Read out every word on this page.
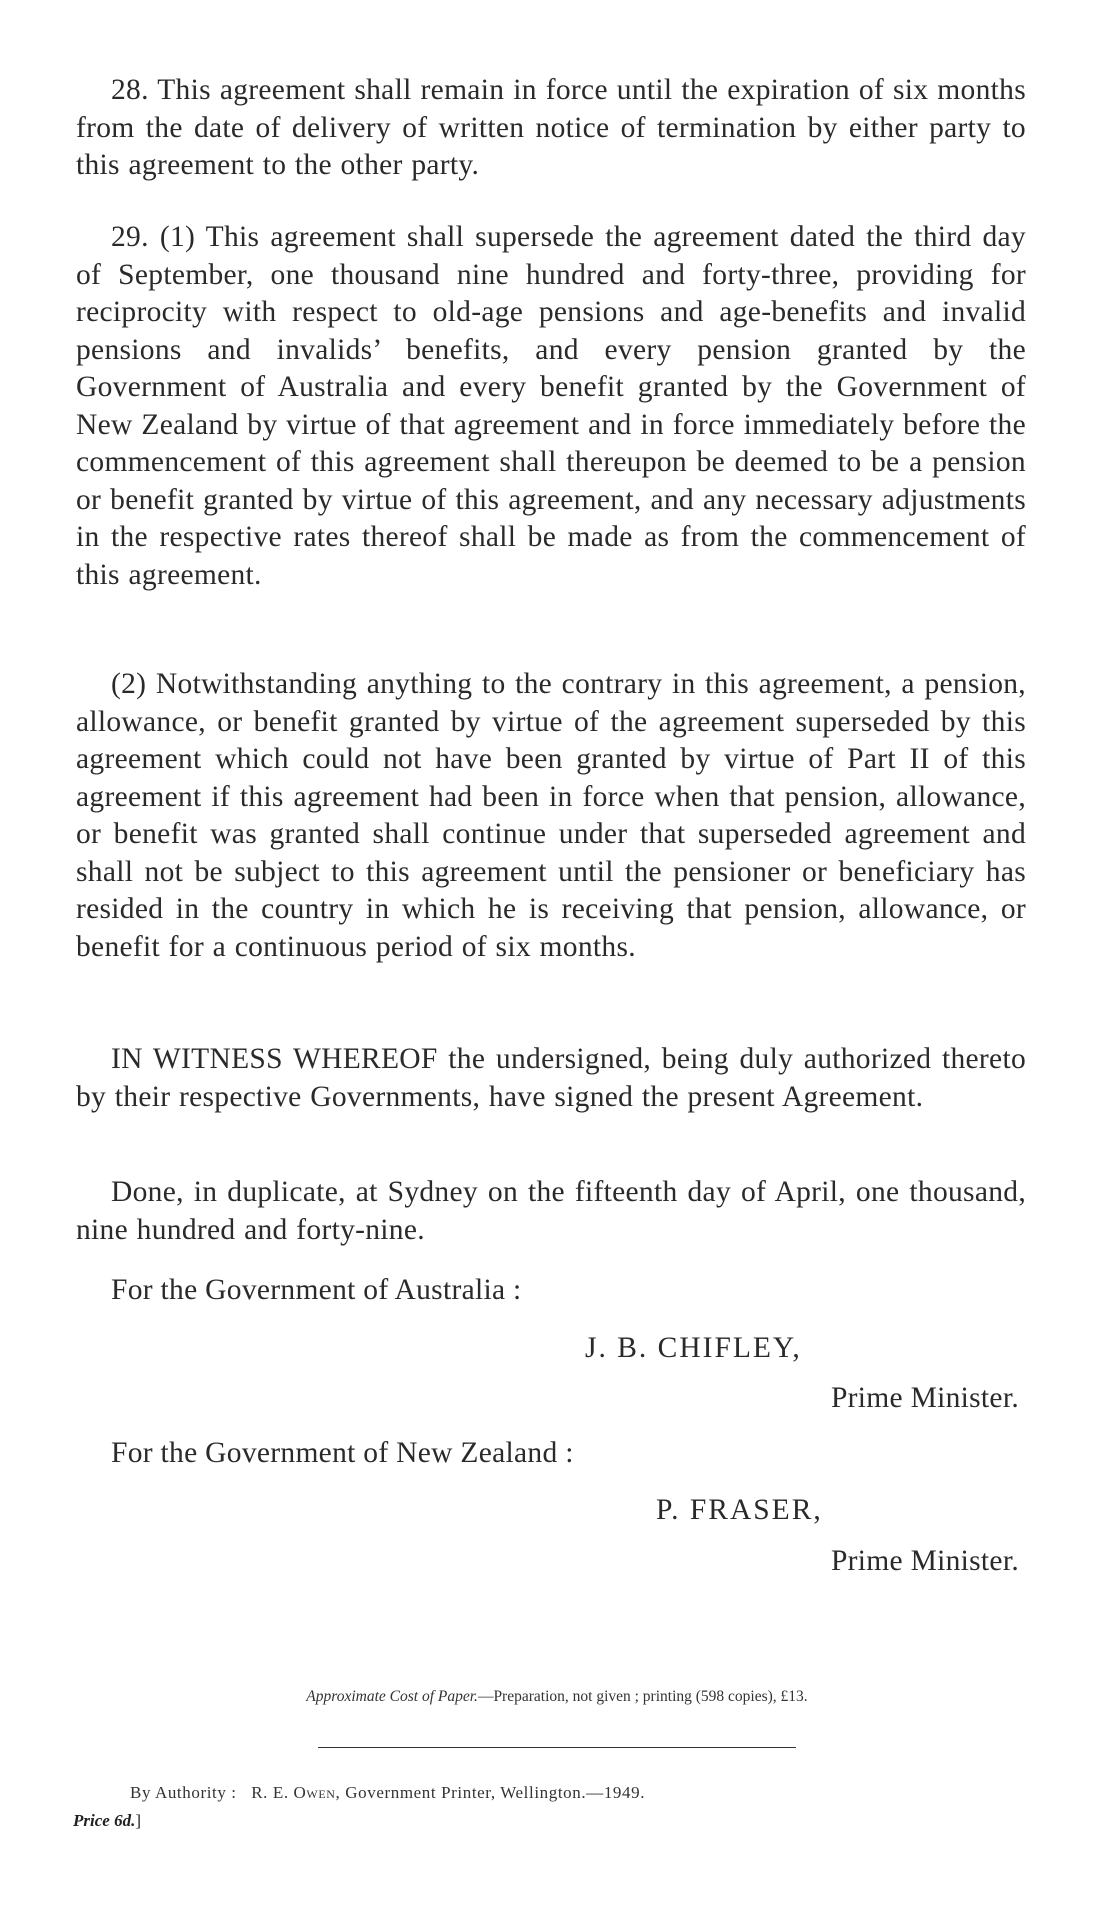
28. This agreement shall remain in force until the expiration of six months from the date of delivery of written notice of termination by either party to this agreement to the other party.

29. (1) This agreement shall supersede the agreement dated the third day of September, one thousand nine hundred and forty-three, providing for reciprocity with respect to old-age pensions and age-benefits and invalid pensions and invalids’ benefits, and every pension granted by the Government of Australia and every benefit granted by the Government of New Zealand by virtue of that agreement and in force immediately before the commencement of this agreement shall thereupon be deemed to be a pension or benefit granted by virtue of this agreement, and any necessary adjustments in the respective rates thereof shall be made as from the commencement of this agreement.

(2) Notwithstanding anything to the contrary in this agreement, a pension, allowance, or benefit granted by virtue of the agreement superseded by this agreement which could not have been granted by virtue of Part II of this agreement if this agreement had been in force when that pension, allowance, or benefit was granted shall continue under that superseded agreement and shall not be subject to this agreement until the pensioner or beneficiary has resided in the country in which he is receiving that pension, allowance, or benefit for a continuous period of six months.

IN WITNESS WHEREOF the undersigned, being duly authorized thereto by their respective Governments, have signed the present Agreement.

Done, in duplicate, at Sydney on the fifteenth day of April, one thousand, nine hundred and forty-nine.

For the Government of Australia :

J. B. CHIFLEY,

Prime Minister.

For the Government of New Zealand :

P. FRASER,

Prime Minister.

Approximate Cost of Paper.—Preparation, not given ; printing (598 copies), £13.

By Authority : R. E. Owen, Government Printer, Wellington.—1949.

Price 6d.]
